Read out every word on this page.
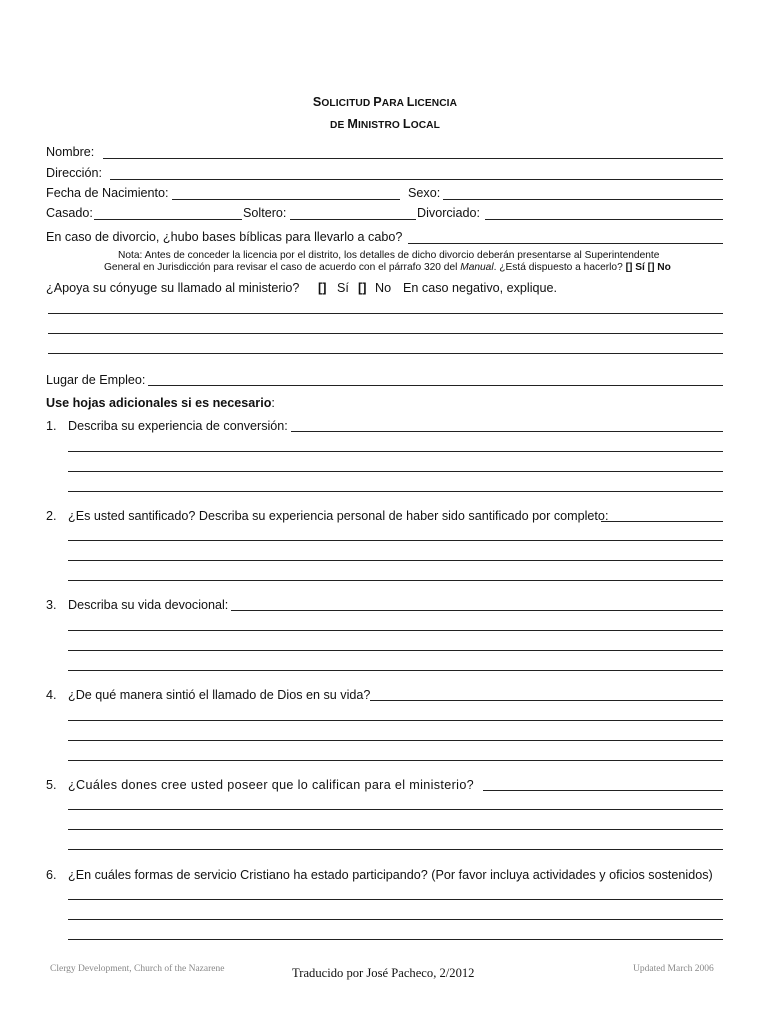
SOLICITUD PARA LICENCIA
DE MINISTRO LOCAL
Nombre:
Dirección:
Fecha de Nacimiento:	Sexo:
Casado:	Soltero:	Divorciado:
En caso de divorcio, ¿hubo bases bíblicas para llevarlo a cabo?
Nota: Antes de conceder la licencia por el distrito, los detalles de dicho divorcio deberán presentarse al Superintendente
General en Jurisdicción para revisar el caso de acuerdo con el párrafo 320 del Manual. ¿Está dispuesto a hacerlo? [] Sí [] No
¿Apoya su cónyuge su llamado al ministerio? [] Sí [] No En caso negativo, explique.
Lugar de Empleo:
Use hojas adicionales si es necesario:
1. Describa su experiencia de conversión:
2. ¿Es usted santificado? Describa su experiencia personal de haber sido santificado por completo:
3. Describa su vida devocional:
4. ¿De qué manera sintió el llamado de Dios en su vida?
5. ¿Cuáles dones cree usted poseer que lo califican para el ministerio?
6. ¿En cuáles formas de servicio Cristiano ha estado participando? (Por favor incluya actividades y oficios sostenidos)
Clergy Development, Church of the Nazarene	Traducido por José Pacheco, 2/2012	Updated March 2006
